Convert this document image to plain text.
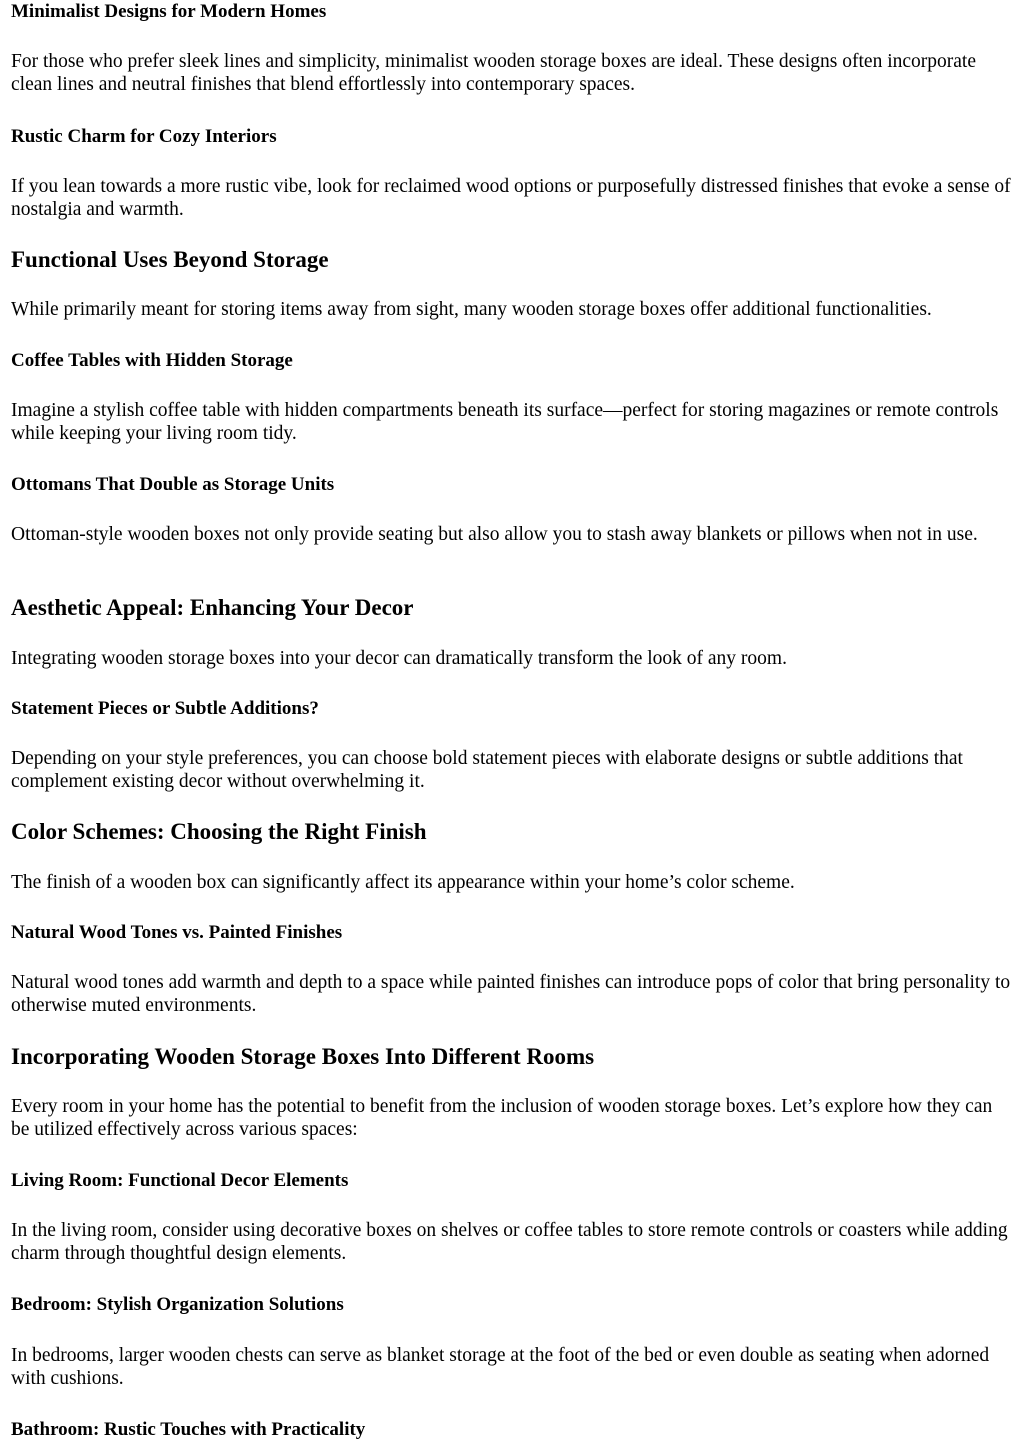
Minimalist Designs for Modern Homes

For those who prefer sleek lines and simplicity, minimalist wooden storage boxes are ideal. These designs often incorporate clean lines and neutral finishes that blend effortlessly into contemporary spaces.

Rustic Charm for Cozy Interiors

If you lean towards a more rustic vibe, look for reclaimed wood options or purposefully distressed finishes that evoke a sense of nostalgia and warmth.

Functional Uses Beyond Storage

While primarily meant for storing items away from sight, many wooden storage boxes offer additional functionalities.

Coffee Tables with Hidden Storage

Imagine a stylish coffee table with hidden compartments beneath its surface—perfect for storing magazines or remote controls while keeping your living room tidy.

Ottomans That Double as Storage Units

Ottoman-style wooden boxes not only provide seating but also allow you to stash away blankets or pillows when not in use.

Aesthetic Appeal: Enhancing Your Decor

Integrating wooden storage boxes into your decor can dramatically transform the look of any room.

Statement Pieces or Subtle Additions?

Depending on your style preferences, you can choose bold statement pieces with elaborate designs or subtle additions that complement existing decor without overwhelming it.

Color Schemes: Choosing the Right Finish

The finish of a wooden box can significantly affect its appearance within your home’s color scheme.

Natural Wood Tones vs. Painted Finishes

Natural wood tones add warmth and depth to a space while painted finishes can introduce pops of color that bring personality to otherwise muted environments.

Incorporating Wooden Storage Boxes Into Different Rooms

Every room in your home has the potential to benefit from the inclusion of wooden storage boxes. Let’s explore how they can be utilized effectively across various spaces:

Living Room: Functional Decor Elements

In the living room, consider using decorative boxes on shelves or coffee tables to store remote controls or coasters while adding charm through thoughtful design elements.

Bedroom: Stylish Organization Solutions

In bedrooms, larger wooden chests can serve as blanket storage at the foot of the bed or even double as seating when adorned with cushions.

Bathroom: Rustic Touches with Practicality
